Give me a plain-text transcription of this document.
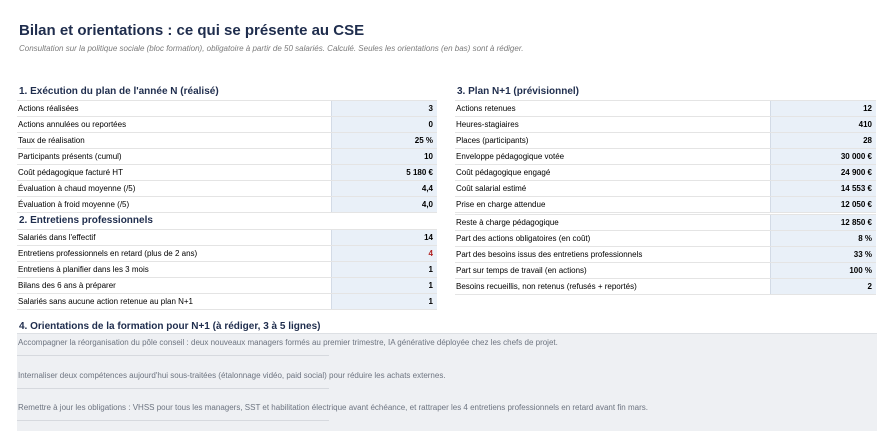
Bilan et orientations : ce qui se présente au CSE
Consultation sur la politique sociale (bloc formation), obligatoire à partir de 50 salariés. Calculé. Seules les orientations (en bas) sont à rédiger.
1. Exécution du plan de l'année N (réalisé)
Actions réalisées	3
Actions annulées ou reportées	0
Taux de réalisation	25 %
Participants présents (cumul)	10
Coût pédagogique facturé HT	5 180 €
Évaluation à chaud moyenne (/5)	4,4
Évaluation à froid moyenne (/5)	4,0
2. Entretiens professionnels
Salariés dans l'effectif	14
Entretiens professionnels en retard (plus de 2 ans)	4
Entretiens à planifier dans les 3 mois	1
Bilans des 6 ans à préparer	1
Salariés sans aucune action retenue au plan N+1	1
3. Plan N+1 (prévisionnel)
Actions retenues	12
Heures-stagiaires	410
Places (participants)	28
Enveloppe pédagogique votée	30 000 €
Coût pédagogique engagé	24 900 €
Coût salarial estimé	14 553 €
Prise en charge attendue	12 050 €
Reste à charge pédagogique	12 850 €
Part des actions obligatoires (en coût)	8 %
Part des besoins issus des entretiens professionnels	33 %
Part sur temps de travail (en actions)	100 %
Besoins recueillis, non retenus (refusés + reportés)	2
4. Orientations de la formation pour N+1 (à rédiger, 3 à 5 lignes)
Accompagner la réorganisation du pôle conseil : deux nouveaux managers formés au premier trimestre, IA générative déployée chez les chefs de projet.
Internaliser deux compétences aujourd'hui sous-traitées (étalonnage vidéo, paid social) pour réduire les achats externes.
Remettre à jour les obligations : VHSS pour tous les managers, SST et habilitation électrique avant échéance, et rattraper les 4 entretiens professionnels en retard avant fin mars.
